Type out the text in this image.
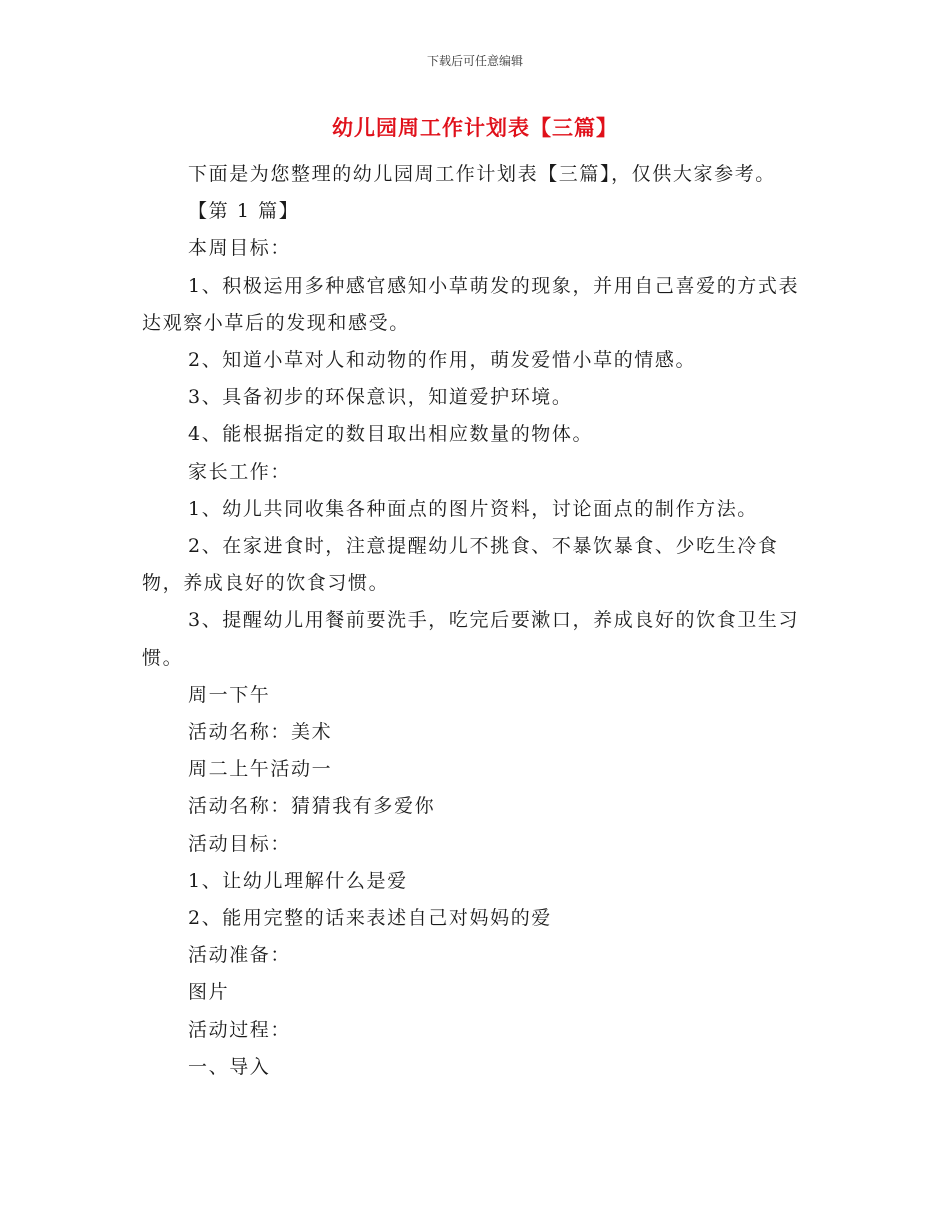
下载后可任意编辑
幼儿园周工作计划表【三篇】

下面是为您整理的幼儿园周工作计划表【三篇】，仅供大家参考。

【第 1 篇】

本周目标：

1、积极运用多种感官感知小草萌发的现象，并用自己喜爱的方式表达观察小草后的发现和感受。

2、知道小草对人和动物的作用，萌发爱惜小草的情感。

3、具备初步的环保意识，知道爱护环境。

4、能根据指定的数目取出相应数量的物体。

家长工作：

1、幼儿共同收集各种面点的图片资料，讨论面点的制作方法。

2、在家进食时，注意提醒幼儿不挑食、不暴饮暴食、少吃生冷食物，养成良好的饮食习惯。

3、提醒幼儿用餐前要洗手，吃完后要漱口，养成良好的饮食卫生习惯。

周一下午

活动名称：美术

周二上午活动一

活动名称：猜猜我有多爱你

活动目标：

1、让幼儿理解什么是爱

2、能用完整的话来表述自己对妈妈的爱

活动准备：

图片

活动过程：

一、导入
